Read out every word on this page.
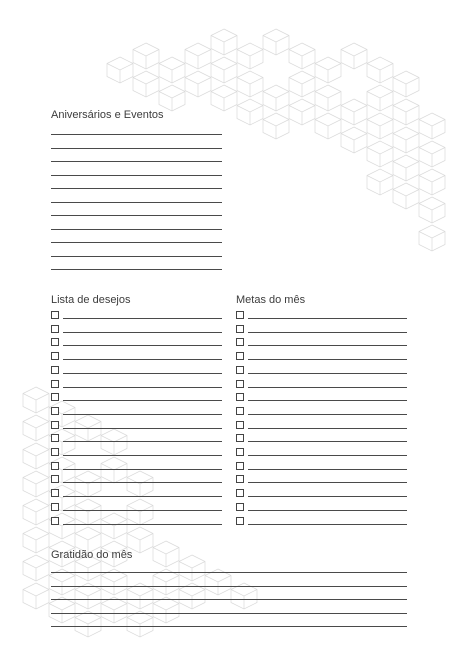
Aniversários e Eventos
Lista de desejos	Metas do mês
Gratidão do mês
